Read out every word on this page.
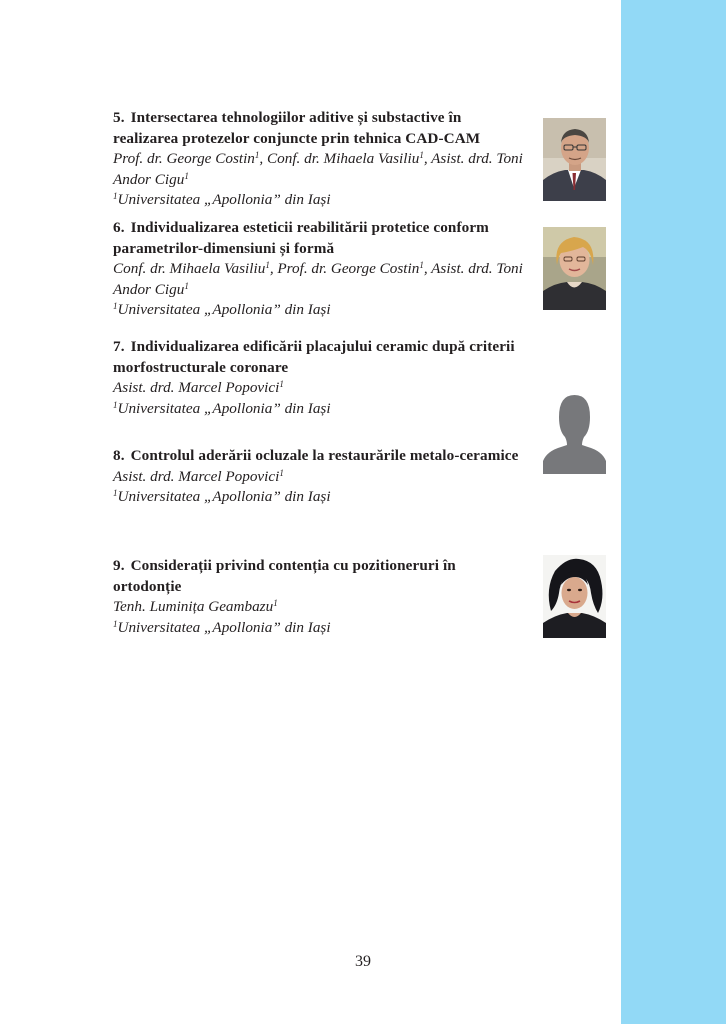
5. Intersectarea tehnologiilor aditive și substactive în realizarea protezelor conjuncte prin tehnica CAD-CAM
Prof. dr. George Costin$^1$, Conf. dr. Mihaela Vasiliu$^1$, Asist. drd. Toni Andor Cigu$^1$
$^1$Universitatea „Apollonia” din Iași
6. Individualizarea esteticii reabilitării protetice conform parametrilor-dimensiuni și formă
Conf. dr. Mihaela Vasiliu$^1$, Prof. dr. George Costin$^1$, Asist. drd. Toni Andor Cigu$^1$
$^1$Universitatea „Apollonia” din Iași
7. Individualizarea edificării placajului ceramic după criterii morfostructurale coronare
Asist. drd. Marcel Popovici$^1$
$^1$Universitatea „Apollonia” din Iași
8. Controlul aderării ocluzale la restaurările metalo-ceramice
Asist. drd. Marcel Popovici$^1$
$^1$Universitatea „Apollonia” din Iași
9. Considerații privind contenția cu pozitioneruri în ortodonție
Tenh. Luminița Geambazu$^1$
$^1$Universitatea „Apollonia” din Iași
39
